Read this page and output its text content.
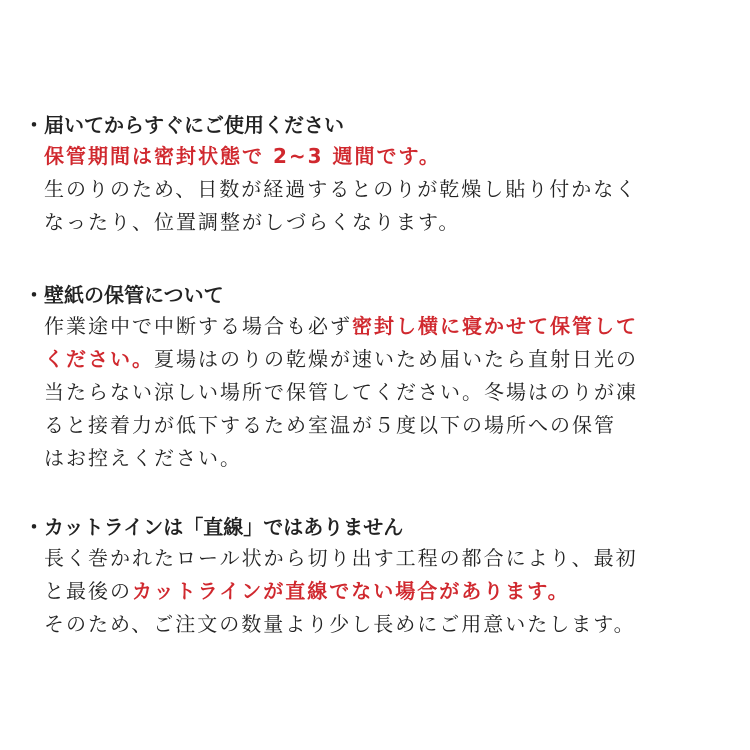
・ 届いてからすぐにご使用ください
保管期間は密封状態で 2~3 週間です。
生のりのため、日数が経過するとのりが乾燥し貼り付かなく
なったり、位置調整がしづらくなります。
・ 壁紙の保管について
作業途中で中断する場合も必ず密封し横に寝かせて保管して
ください。夏場はのりの乾燥が速いため届いたら直射日光の
当たらない涼しい場所で保管してください。冬場はのりが凍
ると接着力が低下するため室温が５度以下の場所への保管
はお控えください。
・ カットラインは「直線」ではありません
長く巻かれたロール状から切り出す工程の都合により、最初
と最後のカットラインが直線でない場合があります。
そのため、ご注文の数量より少し長めにご用意いたします。
